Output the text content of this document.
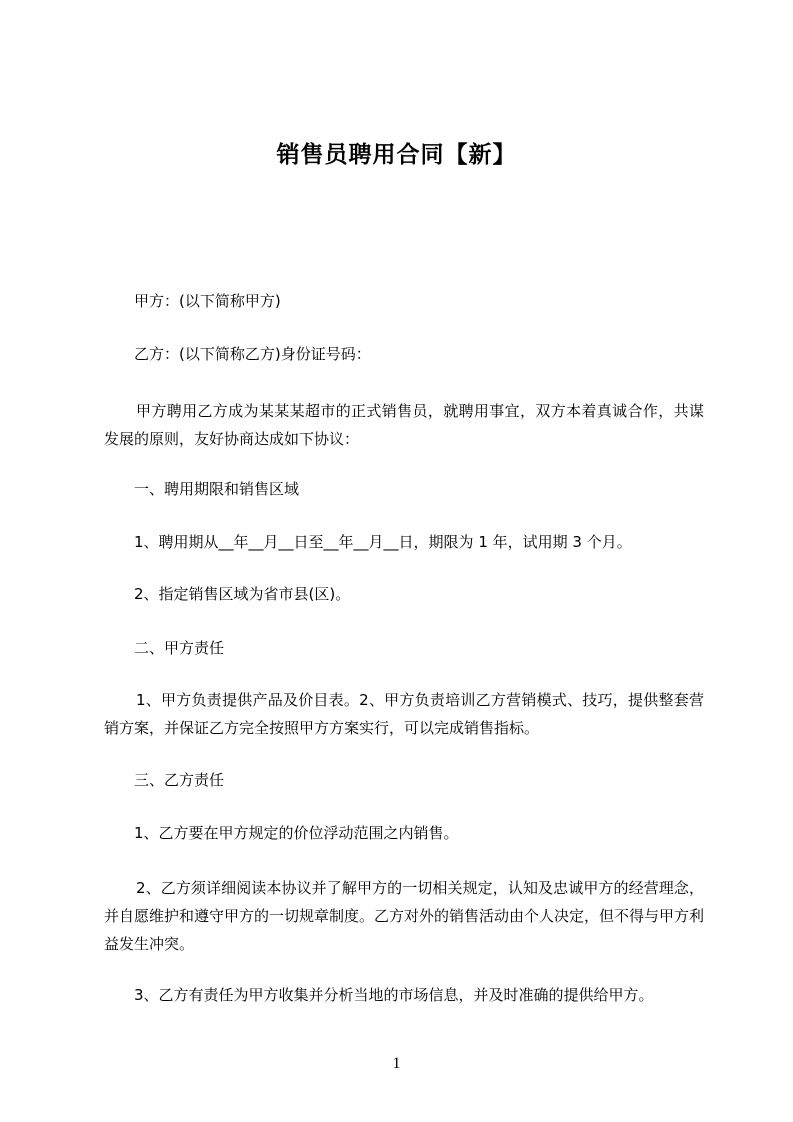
销售员聘用合同【新】
甲方：(以下简称甲方)
乙方：(以下简称乙方)身份证号码：
甲方聘用乙方成为某某某超市的正式销售员，就聘用事宜，双方本着真诚合作，共谋发展的原则，友好协商达成如下协议：
一、聘用期限和销售区域
1、聘用期从__年__月__日至__年__月__日，期限为 1 年，试用期 3 个月。
2、指定销售区域为省市县(区)。
二、甲方责任
1、甲方负责提供产品及价目表。2、甲方负责培训乙方营销模式、技巧，提供整套营销方案，并保证乙方完全按照甲方方案实行，可以完成销售指标。
三、乙方责任
1、乙方要在甲方规定的价位浮动范围之内销售。
2、乙方须详细阅读本协议并了解甲方的一切相关规定，认知及忠诚甲方的经营理念，并自愿维护和遵守甲方的一切规章制度。乙方对外的销售活动由个人决定，但不得与甲方利益发生冲突。
3、乙方有责任为甲方收集并分析当地的市场信息，并及时准确的提供给甲方。
1
